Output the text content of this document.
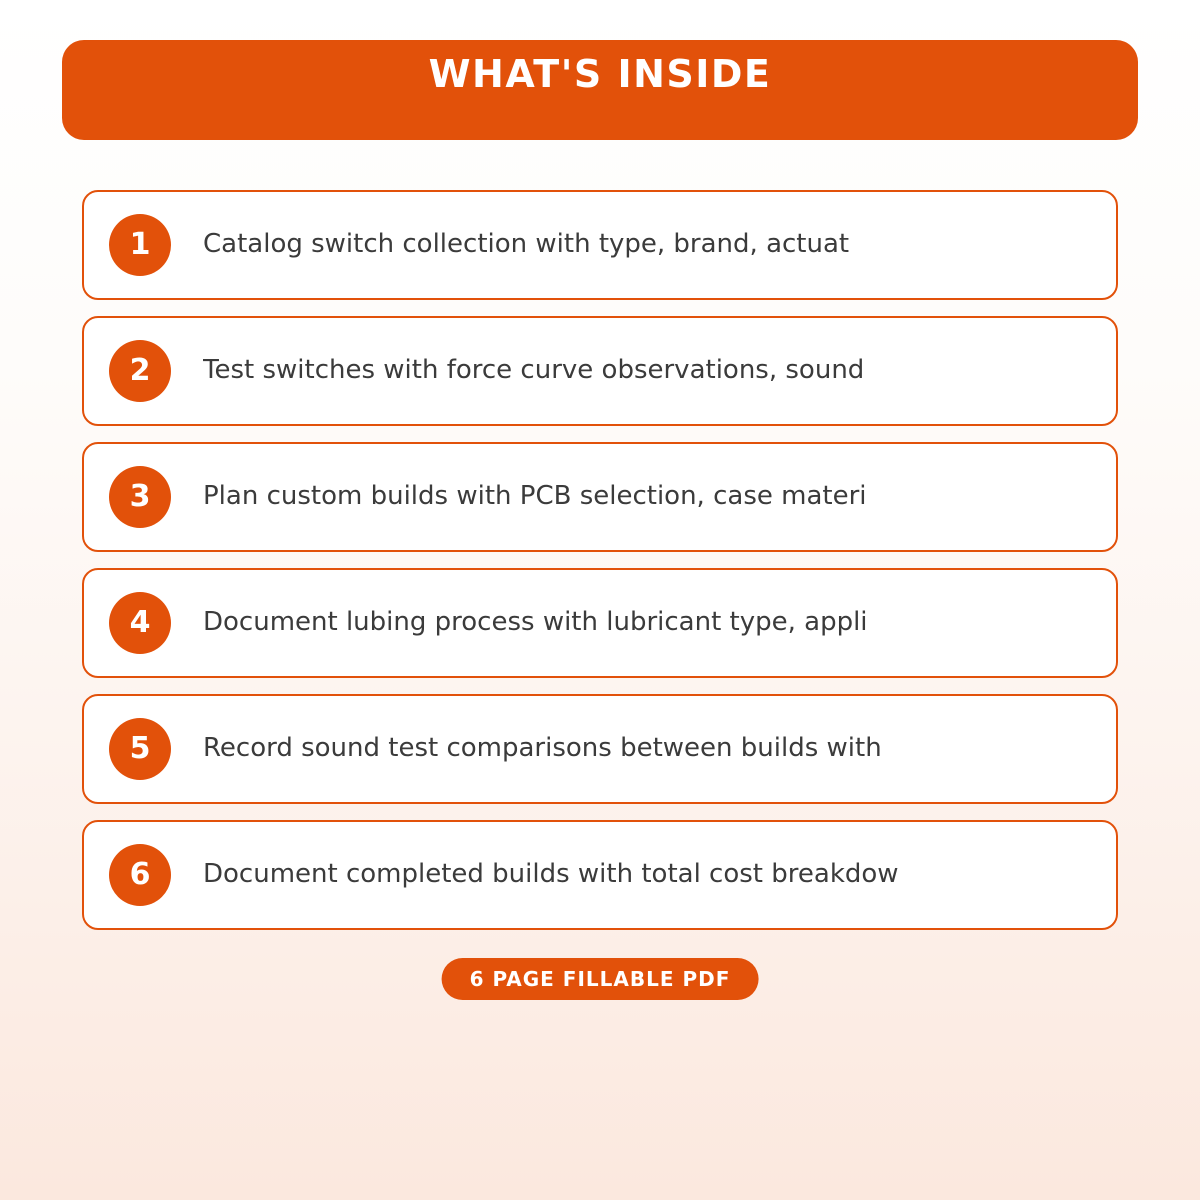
WHAT'S INSIDE
1 Catalog switch collection with type, brand, actuat
2 Test switches with force curve observations, sound
3 Plan custom builds with PCB selection, case materi
4 Document lubing process with lubricant type, appli
5 Record sound test comparisons between builds with
6 Document completed builds with total cost breakdow
6 PAGE FILLABLE PDF
